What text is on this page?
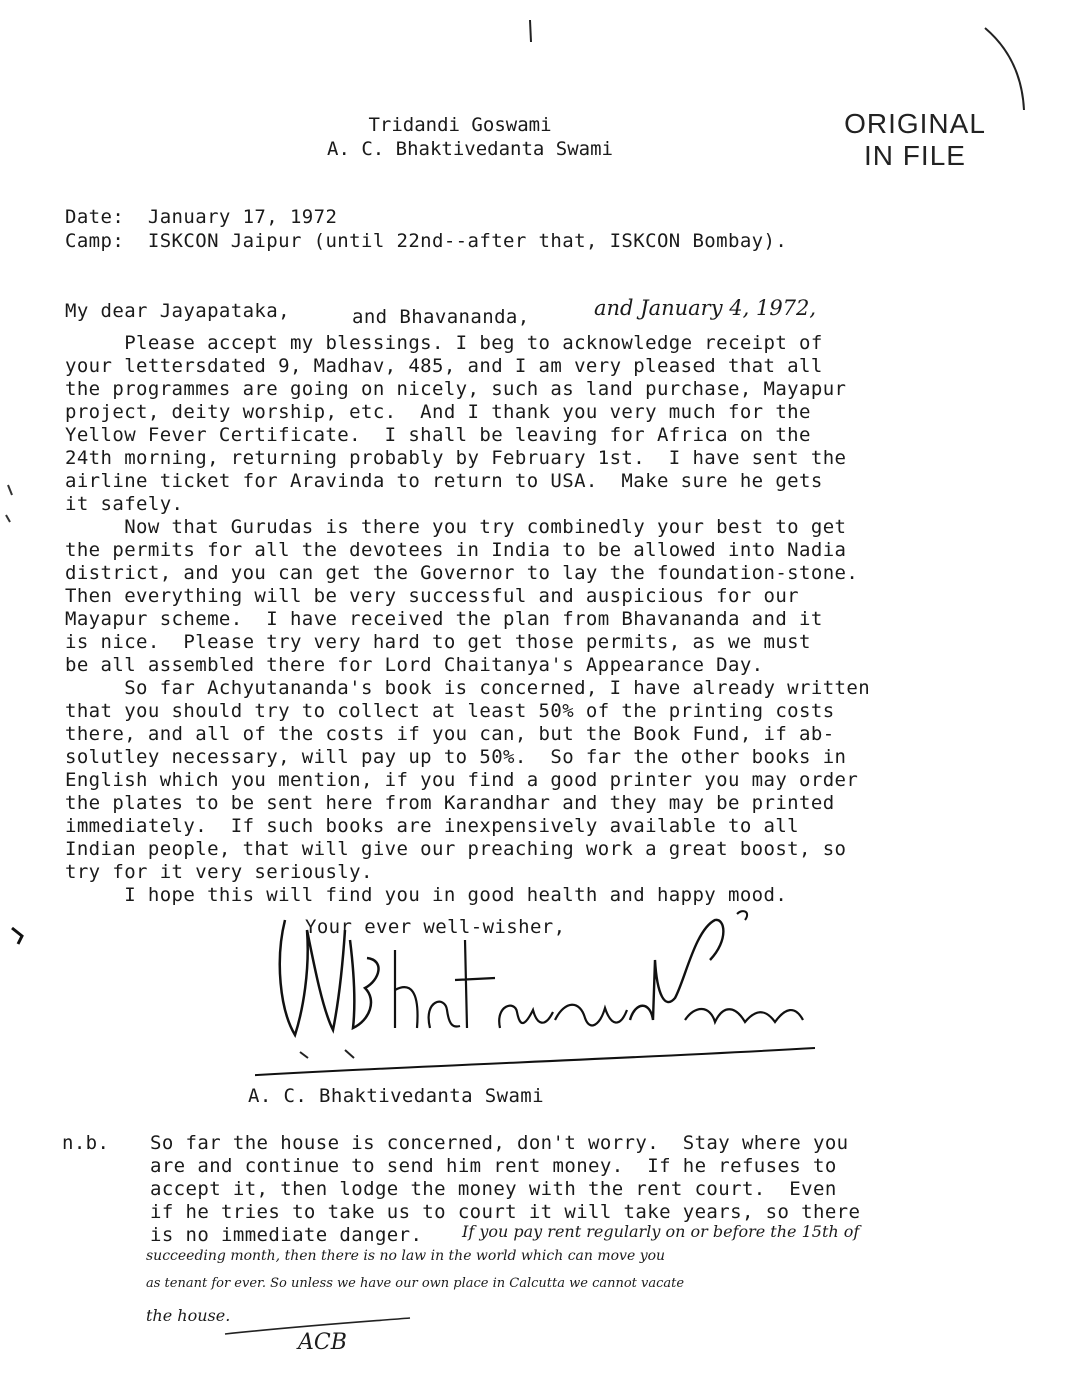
Tridandi Goswami
A. C. Bhaktivedanta Swami
ORIGINAL
IN FILE
Date:  January 17, 1972
Camp:  ISKCON Jaipur (until 22nd--after that, ISKCON Bombay).
My dear Jayapataka,	and Bhavananda,	and January 4, 1972,
Please accept my blessings. I beg to acknowledge receipt of
your lettersdated 9, Madhav, 485, and I am very pleased that all
the programmes are going on nicely, such as land purchase, Mayapur
project, deity worship, etc.  And I thank you very much for the
Yellow Fever Certificate.  I shall be leaving for Africa on the
24th morning, returning probably by February 1st.  I have sent the
airline ticket for Aravinda to return to USA.  Make sure he gets
it safely.
Now that Gurudas is there you try combinedly your best to get
the permits for all the devotees in India to be allowed into Nadia
district, and you can get the Governor to lay the foundation-stone.
Then everything will be very successful and auspicious for our
Mayapur scheme.  I have received the plan from Bhavananda and it
is nice.  Please try very hard to get those permits, as we must
be all assembled there for Lord Chaitanya's Appearance Day.
So far Achyutananda's book is concerned, I have already written
that you should try to collect at least 50% of the printing costs
there, and all of the costs if you can, but the Book Fund, if ab-
solutley necessary, will pay up to 50%.  So far the other books in
English which you mention, if you find a good printer you may order
the plates to be sent here from Karandhar and they may be printed
immediately.  If such books are inexpensively available to all
Indian people, that will give our preaching work a great boost, so
try for it very seriously.
I hope this will find you in good health and happy mood.
Your ever well-wisher,
A. C. Bhaktivedanta Swami
n.b. So far the house is concerned, don't worry.  Stay where you
are and continue to send him rent money.  If he refuses to
accept it, then lodge the money with the rent court.  Even
if he tries to take us to court it will take years, so there
is no immediate danger. If you pay rent regularly on or before the 15th of
succeeding month, then there is no law in the world which can move you
as tenant for ever. So unless we have our own place in Calcutta we cannot vacate
the house.
ACB
